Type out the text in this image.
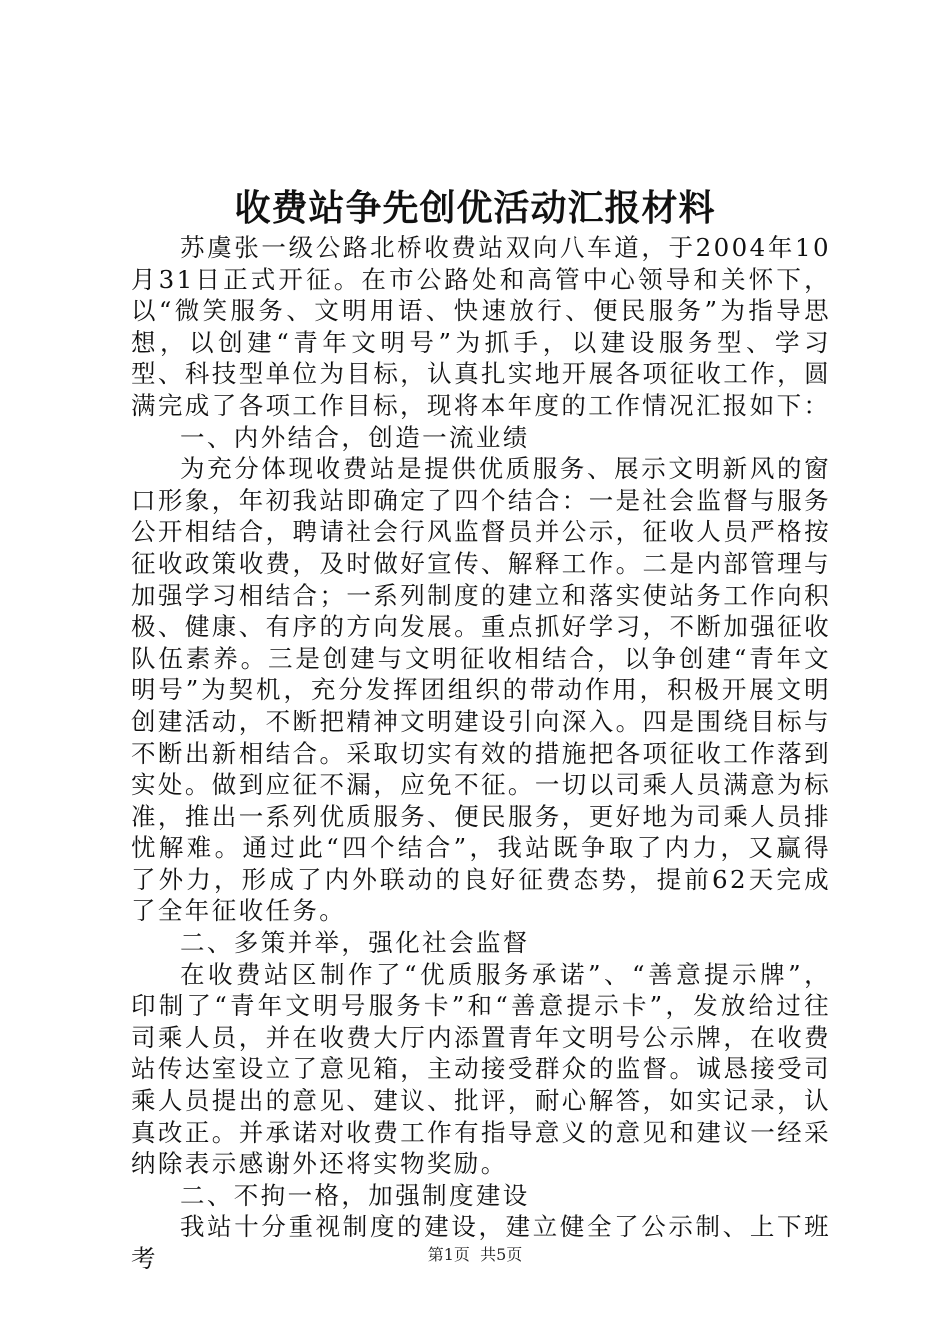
收费站争先创优活动汇报材料

苏虞张一级公路北桥收费站双向八车道，于2004年10月31日正式开征。在市公路处和高管中心领导和关怀下，以“微笑服务、文明用语、快速放行、便民服务”为指导思想，以创建“青年文明号”为抓手，以建设服务型、学习型、科技型单位为目标，认真扎实地开展各项征收工作，圆满完成了各项工作目标，现将本年度的工作情况汇报如下：

一、内外结合，创造一流业绩

为充分体现收费站是提供优质服务、展示文明新风的窗口形象，年初我站即确定了四个结合：一是社会监督与服务公开相结合，聘请社会行风监督员并公示，征收人员严格按征收政策收费，及时做好宣传、解释工作。二是内部管理与加强学习相结合；一系列制度的建立和落实使站务工作向积极、健康、有序的方向发展。重点抓好学习，不断加强征收队伍素养。三是创建与文明征收相结合，以争创建“青年文明号”为契机，充分发挥团组织的带动作用，积极开展文明创建活动，不断把精神文明建设引向深入。四是围绕目标与不断出新相结合。采取切实有效的措施把各项征收工作落到实处。做到应征不漏，应免不征。一切以司乘人员满意为标准，推出一系列优质服务、便民服务，更好地为司乘人员排忧解难。通过此“四个结合”，我站既争取了内力，又赢得了外力，形成了内外联动的良好征费态势，提前62天完成了全年征收任务。

二、多策并举，强化社会监督

在收费站区制作了“优质服务承诺”、“善意提示牌”，印制了“青年文明号服务卡”和“善意提示卡”，发放给过往司乘人员，并在收费大厅内添置青年文明号公示牌，在收费站传达室设立了意见箱，主动接受群众的监督。诚恳接受司乘人员提出的意见、建议、批评，耐心解答，如实记录，认真改正。并承诺对收费工作有指导意义的意见和建议一经采纳除表示感谢外还将实物奖励。

二、不拘一格，加强制度建设

我站十分重视制度的建设，建立健全了公示制、上下班考	第1页  共5页
